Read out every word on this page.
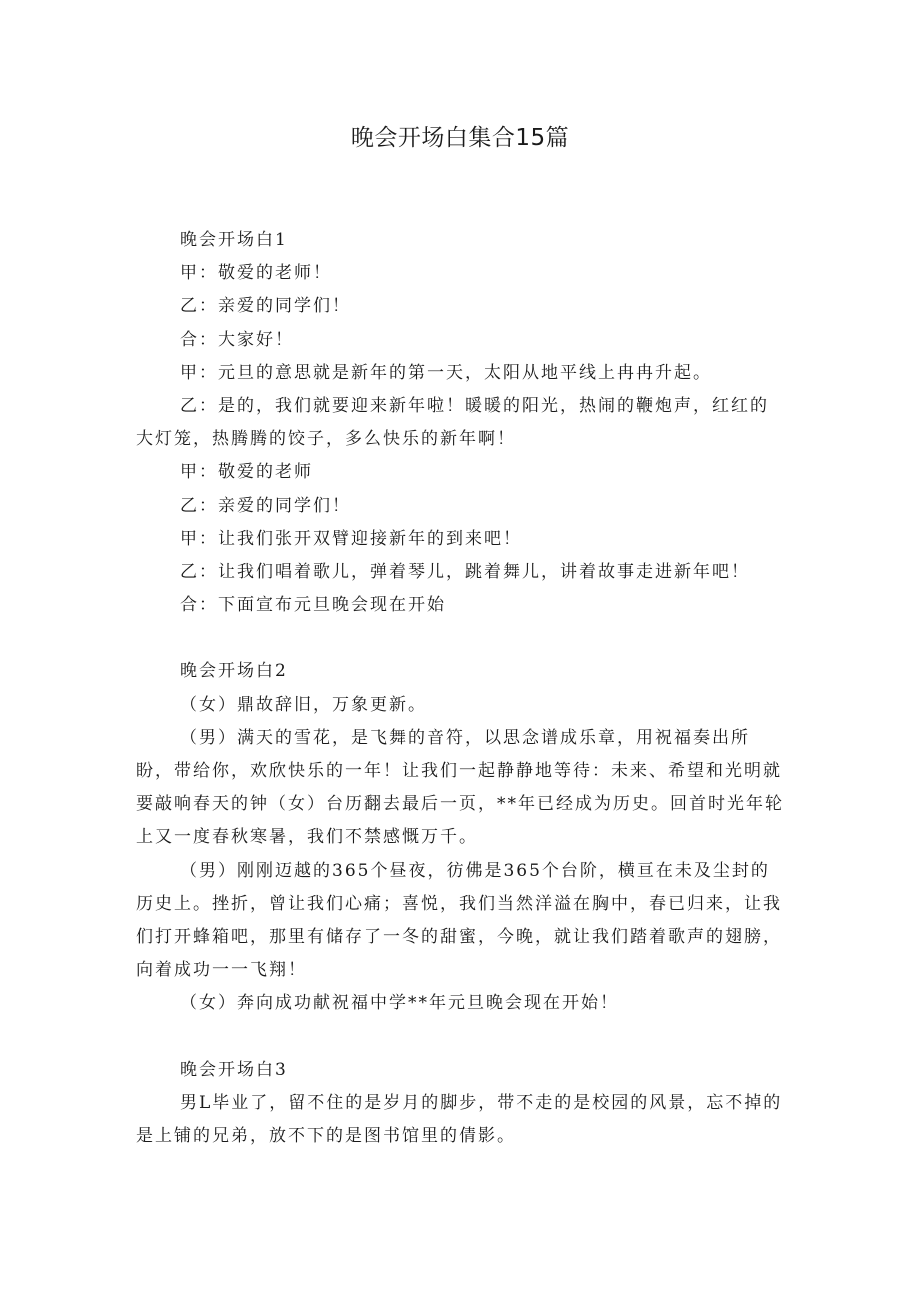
晚会开场白集合15篇

晚会开场白1

甲：敬爱的老师！

乙：亲爱的同学们！

合：大家好！

甲：元旦的意思就是新年的第一天，太阳从地平线上冉冉升起。

乙：是的，我们就要迎来新年啦！暖暖的阳光，热闹的鞭炮声，红红的大灯笼，热腾腾的饺子，多么快乐的新年啊！

甲：敬爱的老师

乙：亲爱的同学们！

甲：让我们张开双臂迎接新年的到来吧！

乙：让我们唱着歌儿，弹着琴儿，跳着舞儿，讲着故事走进新年吧！

合：下面宣布元旦晚会现在开始

晚会开场白2

（女）鼎故辞旧，万象更新。

（男）满天的雪花，是飞舞的音符，以思念谱成乐章，用祝福奏出所盼，带给你，欢欣快乐的一年！让我们一起静静地等待：未来、希望和光明就要敲响春天的钟（女）台历翻去最后一页，**年已经成为历史。回首时光年轮上又一度春秋寒暑，我们不禁感慨万千。

（男）刚刚迈越的365个昼夜，彷佛是365个台阶，横亘在未及尘封的历史上。挫折，曾让我们心痛；喜悦，我们当然洋溢在胸中，春已归来，让我们打开蜂箱吧，那里有储存了一冬的甜蜜，今晚，就让我们踏着歌声的翅膀，向着成功一一飞翔！

（女）奔向成功献祝福中学**年元旦晚会现在开始！

晚会开场白3

男L毕业了，留不住的是岁月的脚步，带不走的是校园的风景，忘不掉的是上铺的兄弟，放不下的是图书馆里的倩影。
